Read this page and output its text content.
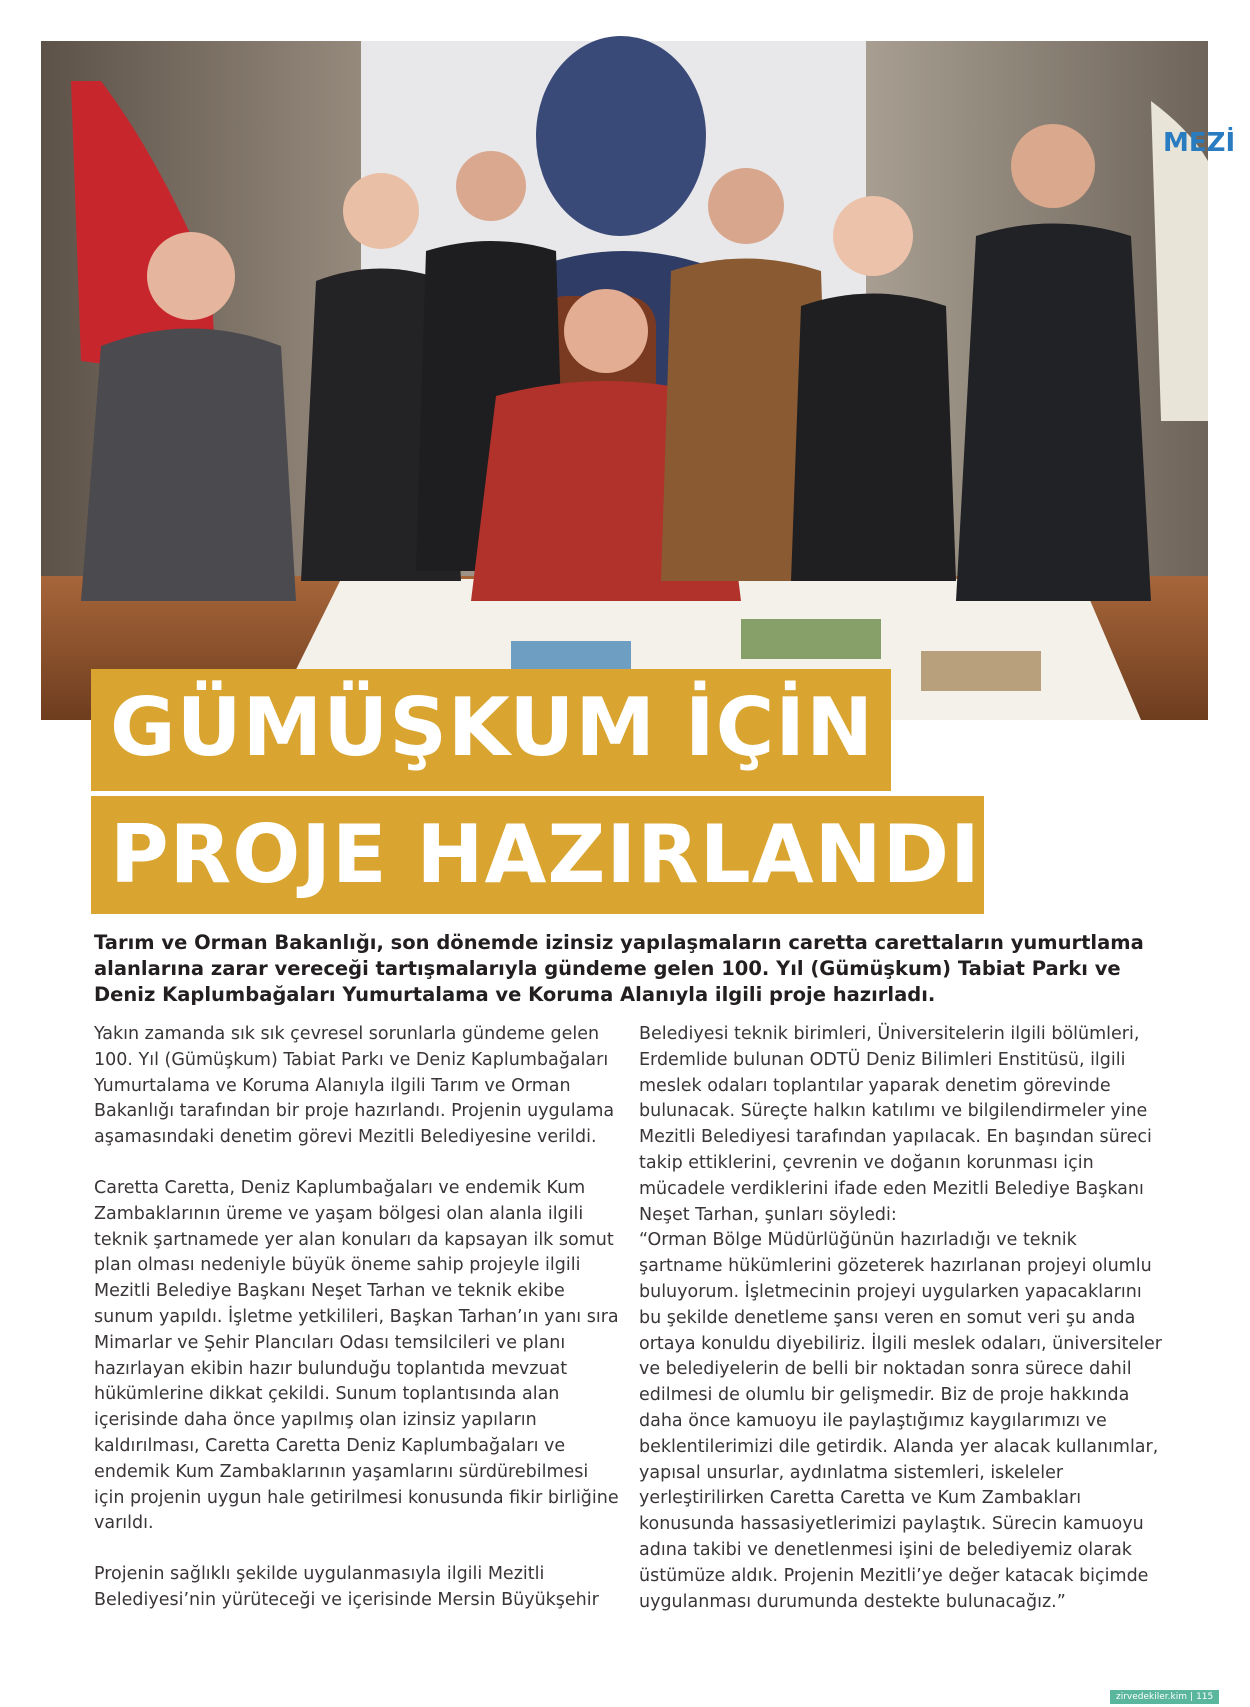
MEZİ
GÜMÜŞKUM İÇİN
PROJE HAZIRLANDI
Tarım ve Orman Bakanlığı, son dönemde izinsiz yapılaşmaların caretta carettaların yumurtlama alanlarına zarar vereceği tartışmalarıyla gündeme gelen 100. Yıl (Gümüşkum) Tabiat Parkı ve Deniz Kaplumbağaları Yumurtalama ve Koruma Alanıyla ilgili proje hazırladı.

Yakın zamanda sık sık çevresel sorunlarla gündeme gelen 100. Yıl (Gümüşkum) Tabiat Parkı ve Deniz Kaplumbağaları Yumurtalama ve Koruma Alanıyla ilgili Tarım ve Orman Bakanlığı tarafından bir proje hazırlandı. Projenin uygulama aşamasındaki denetim görevi Mezitli Belediyesine verildi.

Caretta Caretta, Deniz Kaplumbağaları ve endemik Kum Zambaklarının üreme ve yaşam bölgesi olan alanla ilgili teknik şartnamede yer alan konuları da kapsayan ilk somut plan olması nedeniyle büyük öneme sahip projeyle ilgili Mezitli Belediye Başkanı Neşet Tarhan ve teknik ekibe sunum yapıldı. İşletme yetkilileri, Başkan Tarhan’ın yanı sıra Mimarlar ve Şehir Plancıları Odası temsilcileri ve planı hazırlayan ekibin hazır bulunduğu toplantıda mevzuat hükümlerine dikkat çekildi. Sunum toplantısında alan içerisinde daha önce yapılmış olan izinsiz yapıların kaldırılması, Caretta Caretta Deniz Kaplumbağaları ve endemik Kum Zambaklarının yaşamlarını sürdürebilmesi için projenin uygun hale getirilmesi konusunda fikir birliğine varıldı.

Projenin sağlıklı şekilde uygulanmasıyla ilgili Mezitli Belediyesi’nin yürüteceği ve içerisinde Mersin Büyükşehir

Belediyesi teknik birimleri, Üniversitelerin ilgili bölümleri, Erdemlide bulunan ODTÜ Deniz Bilimleri Enstitüsü, ilgili meslek odaları toplantılar yaparak denetim görevinde bulunacak. Süreçte halkın katılımı ve bilgilendirmeler yine Mezitli Belediyesi tarafından yapılacak. En başından süreci takip ettiklerini, çevrenin ve doğanın korunması için mücadele verdiklerini ifade eden Mezitli Belediye Başkanı Neşet Tarhan, şunları söyledi:

“Orman Bölge Müdürlüğünün hazırladığı ve teknik şartname hükümlerini gözeterek hazırlanan projeyi olumlu buluyorum. İşletmecinin projeyi uygularken yapacaklarını bu şekilde denetleme şansı veren en somut veri şu anda ortaya konuldu diyebiliriz. İlgili meslek odaları, üniversiteler ve belediyelerin de belli bir noktadan sonra sürece dahil edilmesi de olumlu bir gelişmedir. Biz de proje hakkında daha önce kamuoyu ile paylaştığımız kaygılarımızı ve beklentilerimizi dile getirdik. Alanda yer alacak kullanımlar, yapısal unsurlar, aydınlatma sistemleri, iskeleler yerleştirilirken Caretta Caretta ve Kum Zambakları konusunda hassasiyetlerimizi paylaştık. Sürecin kamuoyu adına takibi ve denetlenmesi işini de belediyemiz olarak üstümüze aldık. Projenin Mezitli’ye değer katacak biçimde uygulanması durumunda destekte bulunacağız.”

zirvedekiler.kim | 115
